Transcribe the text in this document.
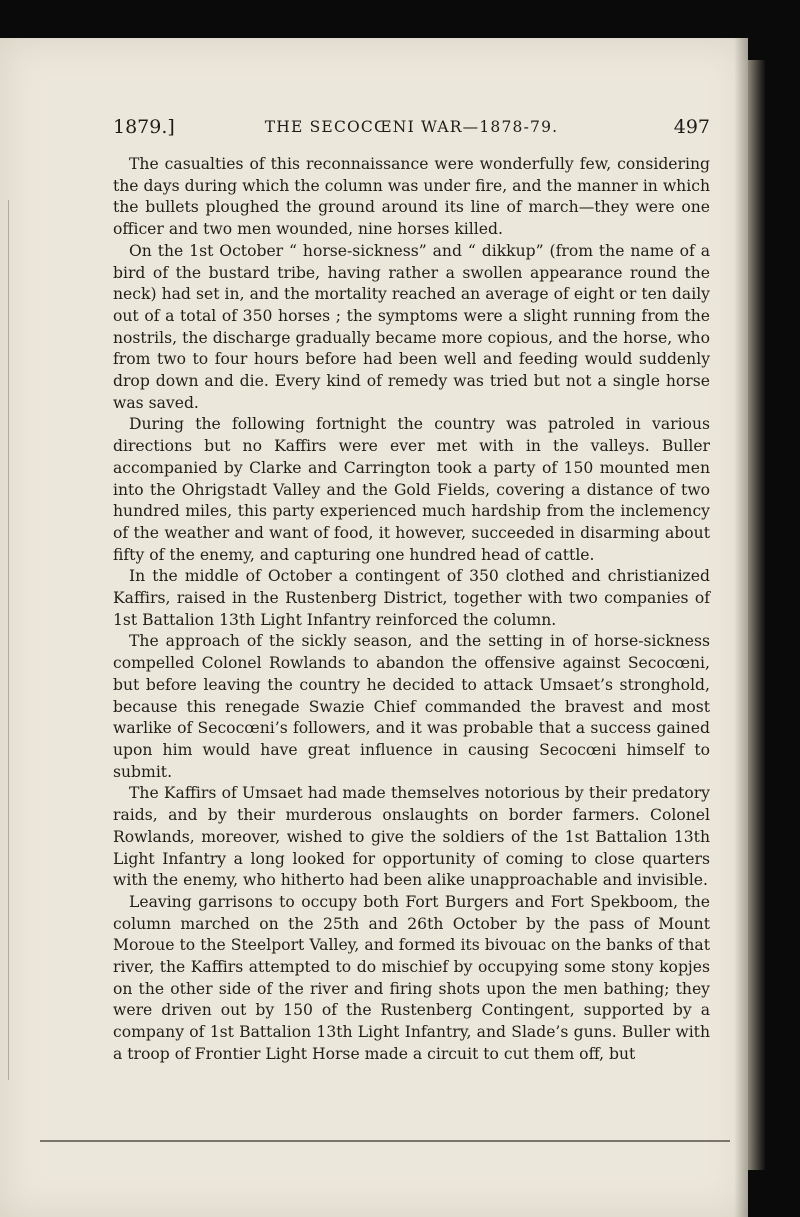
1879.]	THE SECOCŒNI WAR—1878-79.	497

The casualties of this reconnaissance were wonderfully few, considering the days during which the column was under fire, and the manner in which the bullets ploughed the ground around its line of march—they were one officer and two men wounded, nine horses killed.

On the 1st October “ horse-sickness” and “ dikkup” (from the name of a bird of the bustard tribe, having rather a swollen appearance round the neck) had set in, and the mortality reached an average of eight or ten daily out of a total of 350 horses ; the symptoms were a slight running from the nostrils, the discharge gradually became more copious, and the horse, who from two to four hours before had been well and feeding would suddenly drop down and die. Every kind of remedy was tried but not a single horse was saved.

During the following fortnight the country was patroled in various directions but no Kaffirs were ever met with in the valleys. Buller accompanied by Clarke and Carrington took a party of 150 mounted men into the Ohrigstadt Valley and the Gold Fields, covering a distance of two hundred miles, this party experienced much hardship from the inclemency of the weather and want of food, it however, succeeded in disarming about fifty of the enemy, and capturing one hundred head of cattle.

In the middle of October a contingent of 350 clothed and christianized Kaffirs, raised in the Rustenberg District, together with two companies of 1st Battalion 13th Light Infantry reinforced the column.

The approach of the sickly season, and the setting in of horse-sickness compelled Colonel Rowlands to abandon the offensive against Secocœni, but before leaving the country he decided to attack Umsaet’s stronghold, because this renegade Swazie Chief commanded the bravest and most warlike of Secocœni’s followers, and it was probable that a success gained upon him would have great influence in causing Secocœni himself to submit.

The Kaffirs of Umsaet had made themselves notorious by their predatory raids, and by their murderous onslaughts on border farmers. Colonel Rowlands, moreover, wished to give the soldiers of the 1st Battalion 13th Light Infantry a long looked for opportunity of coming to close quarters with the enemy, who hitherto had been alike unapproachable and invisible.

Leaving garrisons to occupy both Fort Burgers and Fort Spekboom, the column marched on the 25th and 26th October by the pass of Mount Moroue to the Steelport Valley, and formed its bivouac on the banks of that river, the Kaffirs attempted to do mischief by occupying some stony kopjes on the other side of the river and firing shots upon the men bathing; they were driven out by 150 of the Rustenberg Contingent, supported by a company of 1st Battalion 13th Light Infantry, and Slade’s guns. Buller with a troop of Frontier Light Horse made a circuit to cut them off, but
